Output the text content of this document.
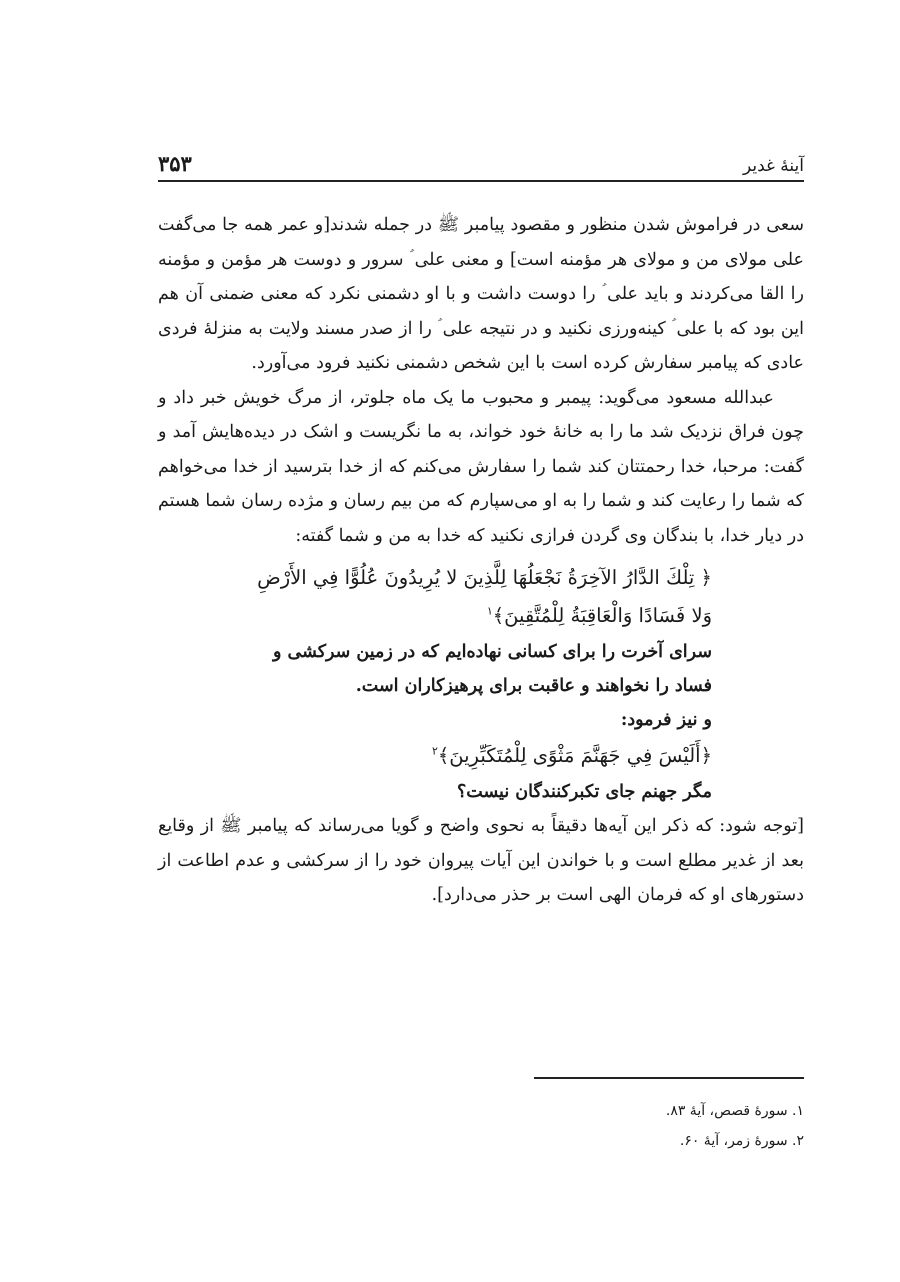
آینهٔ غدیر
۳۵۳

سعی در فراموش شدن منظور و مقصود پیامبر ﷺ در جمله شدند[و عمر همه جا می‌گفت علی مولای من و مولای هر مؤمنه است] و معنی علی ؑ سرور و دوست هر مؤمن و مؤمنه را القا می‌کردند و باید علی ؑ را دوست داشت و با او دشمنی نکرد که معنی ضمنی آن هم این بود که با علی ؑ کینه‌ورزی نکنید و در نتیجه علی ؑ را از صدر مسند ولایت به منزلهٔ فردی عادی که پیامبر سفارش کرده است با این شخص دشمنی نکنید فرود می‌آورد.

عبدالله مسعود می‌گوید: پیمبر و محبوب ما یک ماه جلوتر، از مرگ خویش خبر داد و چون فراق نزدیک شد ما را به خانهٔ خود خواند، به ما نگریست و اشک در دیده‌هایش آمد و گفت: مرحبا، خدا رحمتتان کند شما را سفارش می‌کنم که از خدا بترسید از خدا می‌خواهم که شما را رعایت کند و شما را به او می‌سپارم که من بیم رسان و مژده رسان شما هستم در دیار خدا، با بندگان وی گردن فرازی نکنید که خدا به من و شما گفته:

﴿ تِلْكَ الدَّارُ الآخِرَةُ نَجْعَلُهَا لِلَّذِينَ لا يُرِيدُونَ عُلُوًّا فِي الأَرْضِ

وَلا فَسَادًا وَالْعَاقِبَةُ لِلْمُتَّقِينَ﴾$^۱$

سرای آخرت را برای کسانی نهاده‌ایم که در زمین سرکشی و

فساد را نخواهند و عاقبت برای پرهیزکاران است.

و نیز فرمود:

﴿أَلَيْسَ فِي جَهَنَّمَ مَثْوًى لِلْمُتَكَبِّرِينَ﴾$^۲$

مگر جهنم جای تکبرکنندگان نیست؟

[توجه شود: که ذکر این آیه‌ها دقیقاً به نحوی واضح و گویا می‌رساند که پیامبر ﷺ از وقایع بعد از غدیر مطلع است و با خواندن این آیات پیروان خود را از سرکشی و عدم اطاعت از دستورهای او که فرمان الهی است بر حذر می‌دارد].

۱. سورهٔ قصص، آیهٔ ۸۳.

۲. سورهٔ زمر، آیهٔ ۶۰.
